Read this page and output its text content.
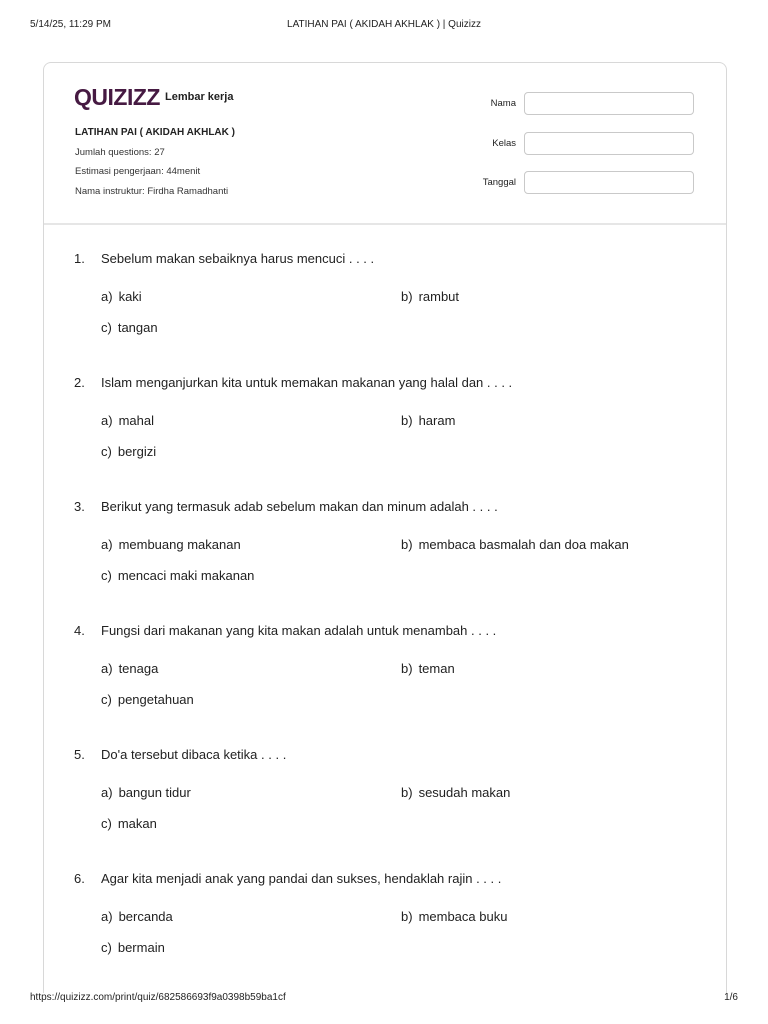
5/14/25, 11:29 PM	LATIHAN PAI ( AKIDAH AKHLAK ) | Quizizz
QUIZIZZ Lembar kerja
LATIHAN PAI ( AKIDAH AKHLAK )
Jumlah questions: 27
Estimasi pengerjaan: 44menit
Nama instruktur: Firdha Ramadhanti
Nama
Kelas
Tanggal
1. Sebelum makan sebaiknya harus mencuci . . . .
a) kaki	b) rambut
c) tangan
2. Islam menganjurkan kita untuk memakan makanan yang halal dan . . . .
a) mahal	b) haram
c) bergizi
3. Berikut yang termasuk adab sebelum makan dan minum adalah . . . .
a) membuang makanan	b) membaca basmalah dan doa makan
c) mencaci maki makanan
4. Fungsi dari makanan yang kita makan adalah untuk menambah . . . .
a) tenaga	b) teman
c) pengetahuan
5. Do'a tersebut dibaca ketika . . . .
a) bangun tidur	b) sesudah makan
c) makan
6. Agar kita menjadi anak yang pandai dan sukses, hendaklah rajin . . . .
a) bercanda	b) membaca buku
c) bermain
https://quizizz.com/print/quiz/682586693f9a0398b59ba1cf	1/6
